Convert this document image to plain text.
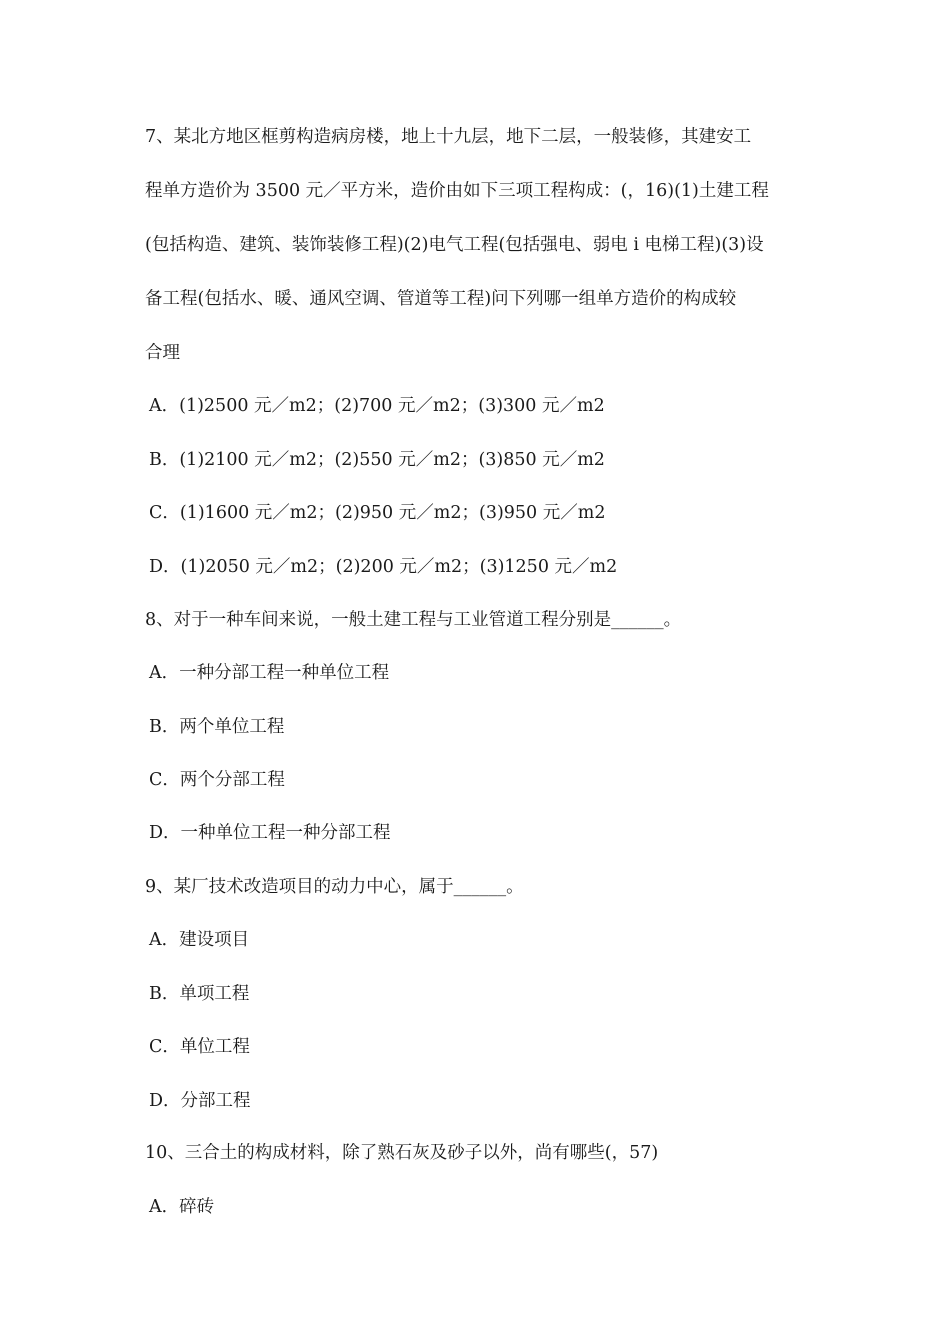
7、某北方地区框剪构造病房楼，地上十九层，地下二层，一般装修，其建安工
程单方造价为 3500 元／平方米，造价由如下三项工程构成：(，16)(1)土建工程
(包括构造、建筑、装饰装修工程)(2)电气工程(包括强电、弱电 i 电梯工程)(3)设
备工程(包括水、暖、通风空调、管道等工程)问下列哪一组单方造价的构成较
合理
A．(1)2500 元／m2；(2)700 元／m2；(3)300 元／m2
B．(1)2100 元／m2；(2)550 元／m2；(3)850 元／m2
C．(1)1600 元／m2；(2)950 元／m2；(3)950 元／m2
D．(1)2050 元／m2；(2)200 元／m2；(3)1250 元／m2
8、对于一种车间来说，一般土建工程与工业管道工程分别是______。
A．一种分部工程一种单位工程
B．两个单位工程
C．两个分部工程
D．一种单位工程一种分部工程
9、某厂技术改造项目的动力中心，属于______。
A．建设项目
B．单项工程
C．单位工程
D．分部工程
10、三合土的构成材料，除了熟石灰及砂子以外，尚有哪些(，57)
A．碎砖
